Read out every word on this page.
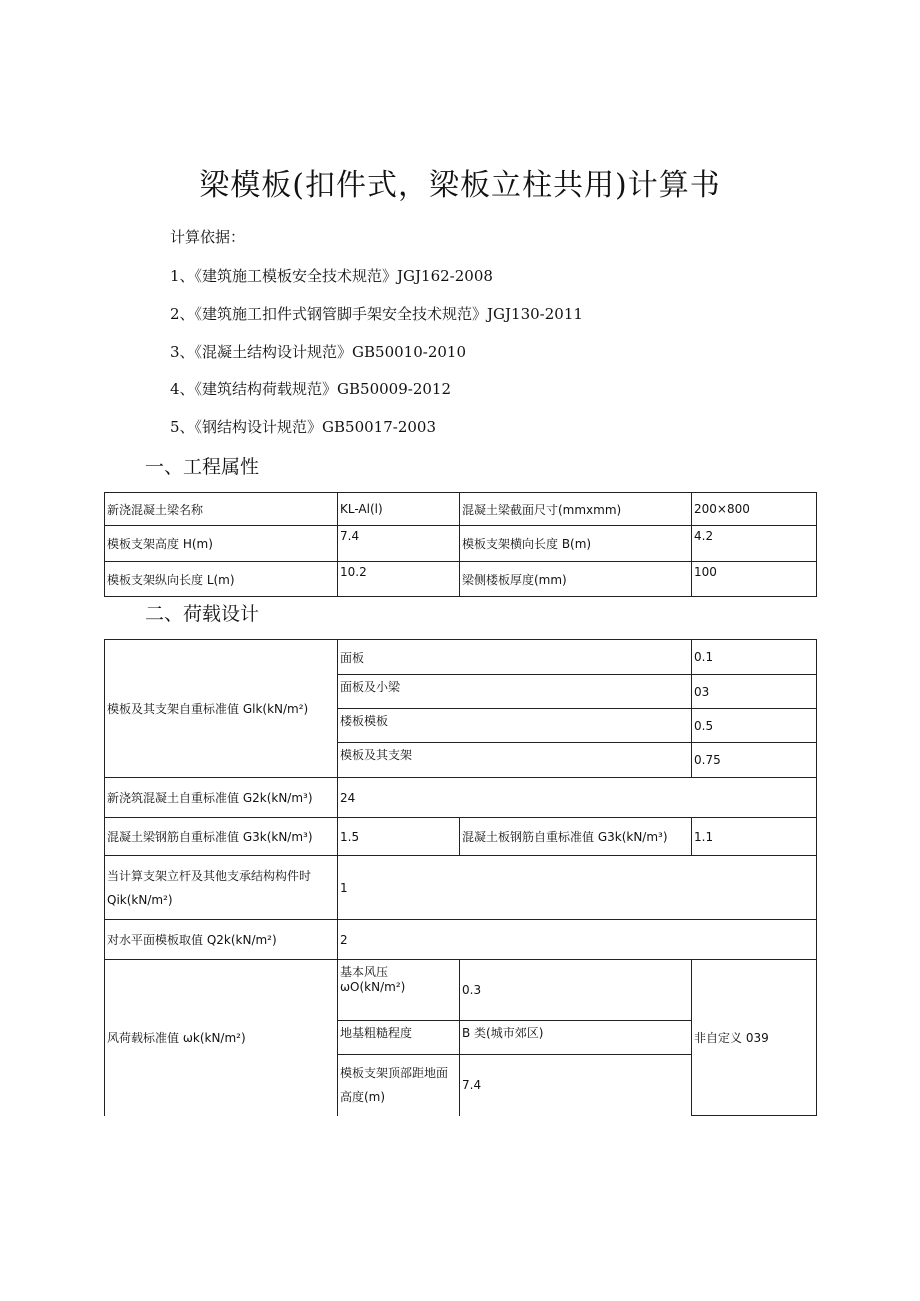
梁模板(扣件式，梁板立柱共用)计算书
计算依据：
1、《建筑施工模板安全技术规范》JGJ162-2008
2、《建筑施工扣件式钢管脚手架安全技术规范》JGJ130-2011
3、《混凝土结构设计规范》GB50010-2010
4、《建筑结构荷载规范》GB50009-2012
5、《钢结构设计规范》GB50017-2003
一、工程属性
新浇混凝土梁名称	KL-Al(l)	混凝土梁截面尺寸(mmxmm)	200×800
模板支架高度 H(m)	7.4	模板支架横向长度 B(m)	4.2
模板支架纵向长度 L(m)	10.2	梁侧楼板厚度(mm)	100
二、荷载设计
模板及其支架自重标准值 Glk(kN/m²)	面板		0.1
	面板及小梁		03
	楼板模板		0.5
	模板及其支架		0.75
新浇筑混凝土自重标准值 G2k(kN/m³)	24		
混凝土梁钢筋自重标准值 G3k(kN/m³)	1.5	混凝土板钢筋自重标准值 G3k(kN/m³)	1.1
当计算支架立杆及其他支承结构构件时 Qik(kN/m²)	1		
对水平面模板取值 Q2k(kN/m²)	2		
风荷载标准值 ωk(kN/m²)	基本风压 ωO(kN/m²)	0.3	非自定义 039
	地基粗糙程度	B 类(城市郊区)	
	模板支架顶部距地面高度(m)	7.4	
